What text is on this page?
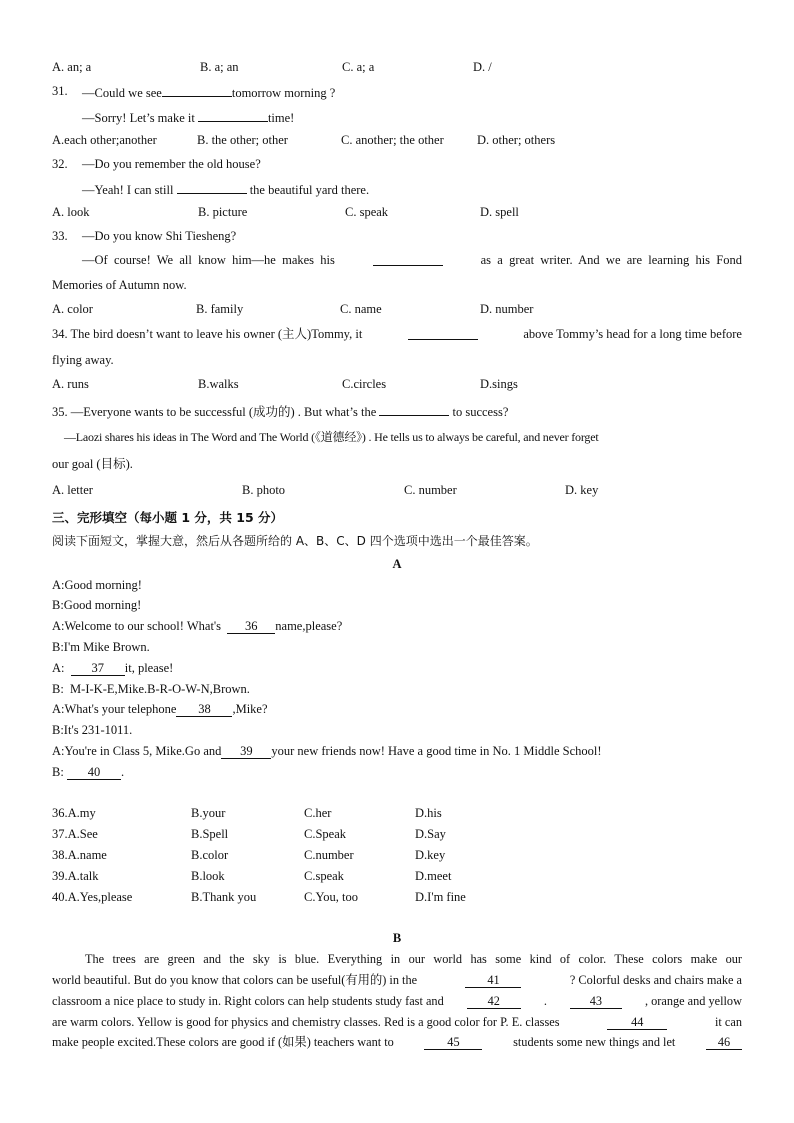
A. an; a	B. a; an	C. a; a	D. /
31. —Could we see	tomorrow morning ?
—Sorry! Let’s make it	time!
A.each other;another	B. the other; other	C. another; the other	D. other; others
32. —Do you remember the old house?
—Yeah! I can still	the beautiful yard there.
A. look	B. picture	C. speak	D. spell
33. —Do you know Shi Tiesheng?
—Of  course!  We  all  know  him—he  makes  his	as  a  great  writer.  And  we  are  learning  his  Fond
Memories of Autumn now.
A. color	B. family	C. name	D. number
34. The bird doesn’t want to leave his owner (主人)Tommy, it	above Tommy’s head for a long time before
flying away.
A. runs	B.walks	C.circles	D.sings
35. —Everyone wants to be successful (成功的) . But what’s the	to success?
—Laozi shares his ideas in The Word and The World (《道德经》) . He tells us to always be careful, and never forget
our goal (目标).
A. letter	B. photo	C. number	D. key
三、完形填空（每小题 1 分，共 15 分）
阅读下面短文，掌握大意，然后从各题所给的 A、B、C、D 四个选项中选出一个最佳答案。
A
A:Good morning!
B:Good morning!
A:Welcome to our school! What's 36 name,please?
B:I'm Mike Brown.
A: 37 it, please!
B:  M-I-K-E,Mike.B-R-O-W-N,Brown.
A:What's your telephone 38 ,Mike?
B:It's 231-1011.
A:You're in Class 5, Mike.Go and 39 your new friends now! Have a good time in No. 1 Middle School!
B: 40 .
36.A.my	B.your	C.her	D.his
37.A.See	B.Spell	C.Speak	D.Say
38.A.name	B.color	C.number	D.key
39.A.talk	B.look	C.speak	D.meet
40.A.Yes,please	B.Thank you	C.You, too	D.I'm fine
B
The trees are green and the sky is blue. Everything in our world has some kind of color. These colors make our
world beautiful. But do you know that colors can be useful(有用的) in the	41	? Colorful desks and chairs make a
classroom a nice place to study in. Right colors can help students study fast and	42	.	43	, orange and yellow
are warm colors. Yellow is good for physics and chemistry classes. Red is a good color for P. E. classes	44	it can
make people excited.These colors are good if (如果) teachers want to	45	students some new things and let	46
